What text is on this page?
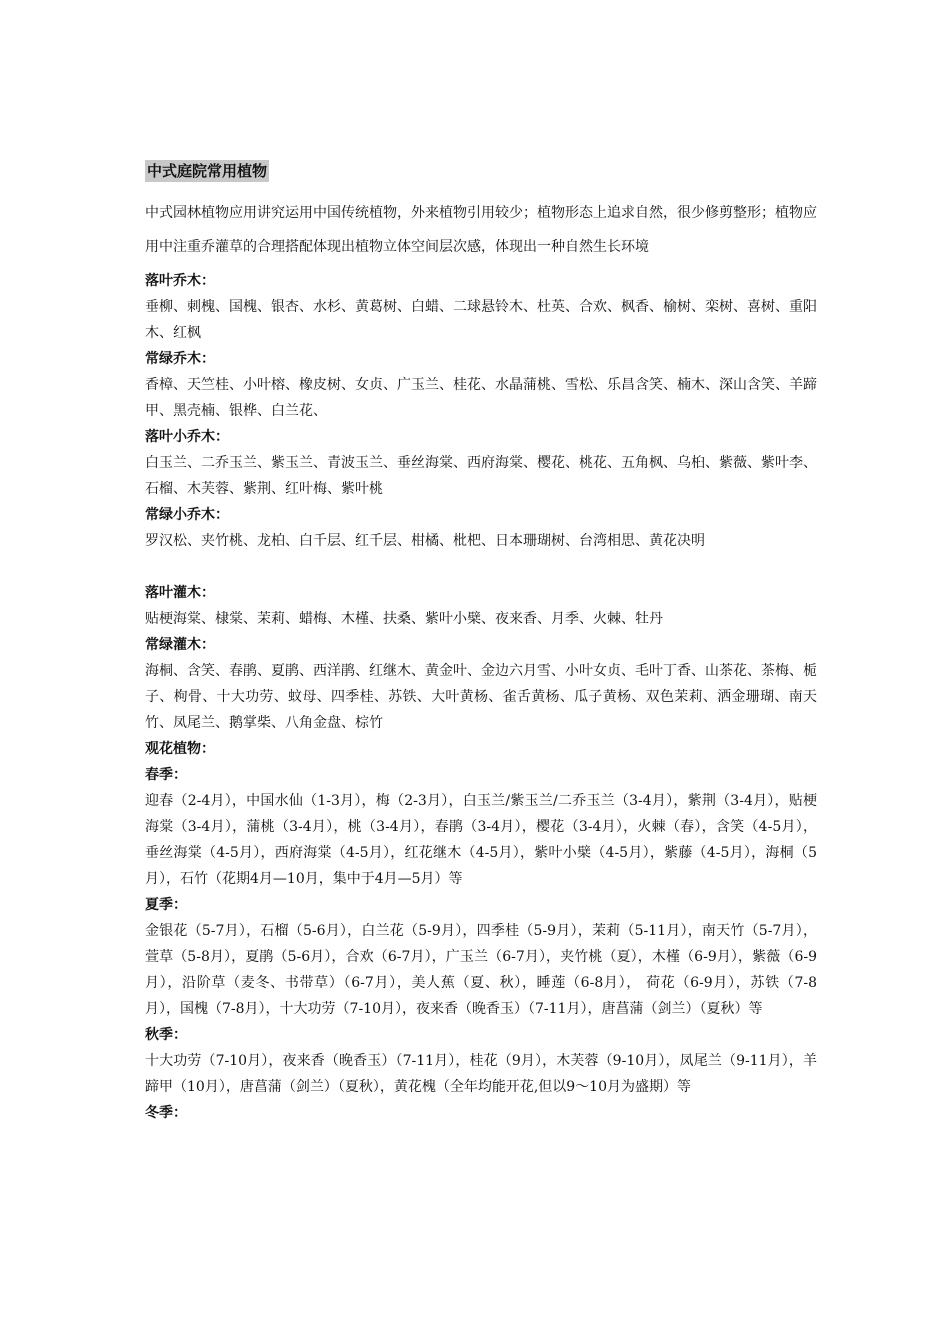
中式庭院常用植物

中式园林植物应用讲究运用中国传统植物，外来植物引用较少；植物形态上追求自然，很少修剪整形；植物应用中注重乔灌草的合理搭配体现出植物立体空间层次感，体现出一种自然生长环境

落叶乔木：

垂柳、刺槐、国槐、银杏、水杉、黄葛树、白蜡、二球悬铃木、杜英、合欢、枫香、榆树、栾树、喜树、重阳木、红枫

常绿乔木：

香樟、天竺桂、小叶榕、橡皮树、女贞、广玉兰、桂花、水晶蒲桃、雪松、乐昌含笑、楠木、深山含笑、羊蹄甲、黑壳楠、银桦、白兰花、

落叶小乔木：

白玉兰、二乔玉兰、紫玉兰、青波玉兰、垂丝海棠、西府海棠、樱花、桃花、五角枫、乌桕、紫薇、紫叶李、石榴、木芙蓉、紫荆、红叶梅、紫叶桃

常绿小乔木：

罗汉松、夹竹桃、龙柏、白千层、红千层、柑橘、枇杷、日本珊瑚树、台湾相思、黄花决明

落叶灌木：

贴梗海棠、棣棠、茉莉、蜡梅、木槿、扶桑、紫叶小檗、夜来香、月季、火棘、牡丹

常绿灌木：

海桐、含笑、春鹃、夏鹃、西洋鹃、红继木、黄金叶、金边六月雪、小叶女贞、毛叶丁香、山茶花、茶梅、栀子、枸骨、十大功劳、蚊母、四季桂、苏铁、大叶黄杨、雀舌黄杨、瓜子黄杨、双色茉莉、洒金珊瑚、南天竹、凤尾兰、鹅掌柴、八角金盘、棕竹

观花植物：

春季：

迎春（2-4月），中国水仙（1-3月），梅（2-3月），白玉兰/紫玉兰/二乔玉兰（3-4月），紫荆（3-4月），贴梗海棠（3-4月），蒲桃（3-4月），桃（3-4月），春鹃（3-4月），樱花（3-4月），火棘（春），含笑（4-5月），垂丝海棠（4-5月），西府海棠（4-5月），红花继木（4-5月），紫叶小檗（4-5月），紫藤（4-5月），海桐（5月），石竹（花期4月—10月，集中于4月—5月）等

夏季：

金银花（5-7月），石榴（5-6月），白兰花（5-9月），四季桂（5-9月），茉莉（5-11月），南天竹（5-7月），萱草（5-8月），夏鹃（5-6月），合欢（6-7月），广玉兰（6-7月），夹竹桃（夏），木槿（6-9月），紫薇（6-9月），沿阶草（麦冬、书带草）（6-7月），美人蕉（夏、秋），睡莲（6-8月）， 荷花（6-9月），苏铁（7-8月），国槐（7-8月），十大功劳（7-10月），夜来香（晚香玉）（7-11月），唐菖蒲（剑兰）（夏秋）等

秋季：

十大功劳（7-10月），夜来香（晚香玉）（7-11月），桂花（9月），木芙蓉（9-10月），凤尾兰（9-11月），羊蹄甲（10月），唐菖蒲（剑兰）（夏秋），黄花槐（全年均能开花,但以9～10月为盛期）等

冬季：
